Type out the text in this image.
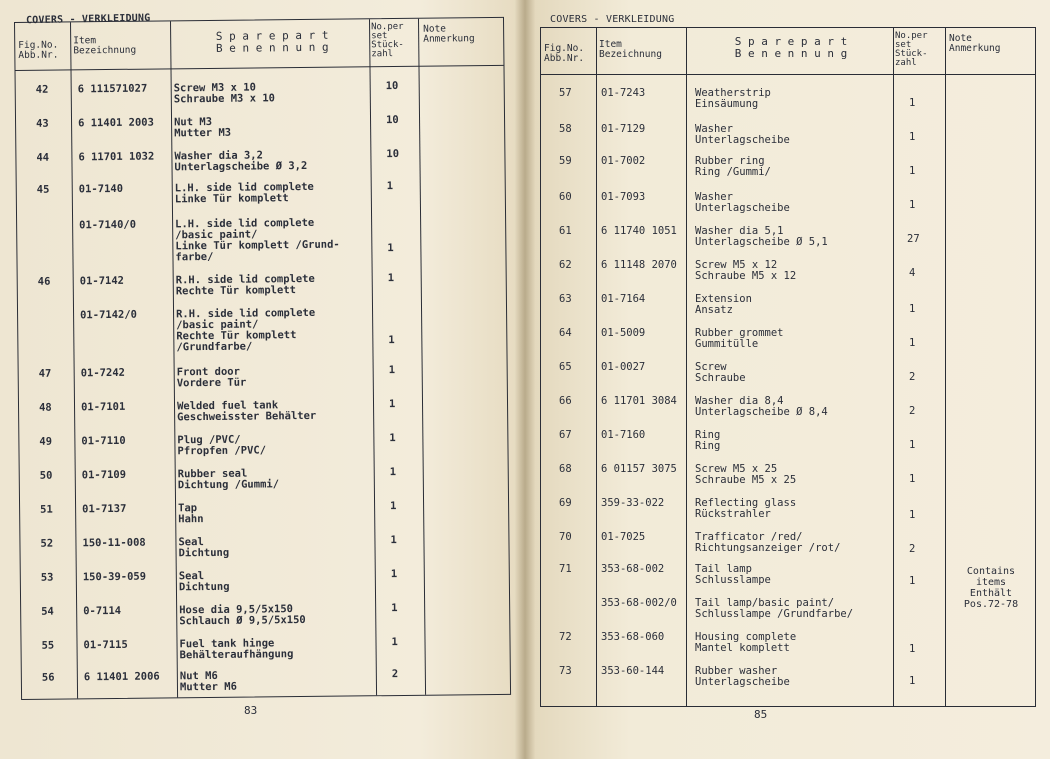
COVERS - VERKLEIDUNG
Fig.No.
Abb.Nr.
Item
Bezeichnung
S p a r e p a r t
B e n e n n u n g
No.per
set
Stück-
zahl
Note
Anmerkung
42	6 111571027	Screw M3 x 10
Schraube M3 x 10
10
43	6 11401 2003 Nut M3
Mutter M3
10
44	6 11701 1032 Washer dia 3,2
Unterlagscheibe Ø 3,2
10
45	01-7140	L.H. side lid complete
Linke Tür komplett
1
01-7140/0	L.H. side lid complete
/basic paint/
Linke Tür komplett /Grund-
farbe/
1
46	01-7142	R.H. side lid complete
Rechte Tür komplett
1
01-7142/0	R.H. side lid complete
/basic paint/
Rechte Tür komplett
/Grundfarbe/
1
47	01-7242	Front door
Vordere Tür
1
48	01-7101	Welded fuel tank
Geschweisster Behälter
1
49	01-7110	Plug /PVC/
Pfropfen /PVC/
1
50	01-7109	Rubber seal
Dichtung /Gummi/
1
51	01-7137	Tap
Hahn
1
52	150-11-008	Seal
Dichtung
1
53	150-39-059	Seal
Dichtung
1
54	0-7114	Hose dia 9,5/5x150
Schlauch Ø 9,5/5x150
1
55	01-7115	Fuel tank hinge
Behälteraufhängung
1
56	6 11401 2006 Nut M6
Mutter M6
2
83
COVERS - VERKLEIDUNG
Fig.No.
Abb.Nr.
Item
Bezeichnung
S p a r e p a r t
B e n e n n u n g
No.per
set
Stück-
zahl
Note
Anmerkung
57	01-7243	Weatherstrip
Einsäumung	1
58	01-7129	Washer
Unterlagscheibe	1
59	01-7002	Rubber ring
Ring /Gummi/	1
60	01-7093	Washer
Unterlagscheibe	1
61	6 11740 1051 Washer dia 5,1
Unterlagscheibe Ø 5,1	27
62	6 11148 2070 Screw M5 x 12
Schraube M5 x 12	4
63	01-7164	Extension
Ansatz	1
64	01-5009	Rubber grommet
Gummitülle	1
65	01-0027	Screw
Schraube	2
66	6 11701 3084 Washer dia 8,4
Unterlagscheibe Ø 8,4	2
67	01-7160	Ring
Ring	1
68	6 01157 3075 Screw M5 x 25
Schraube M5 x 25	1
69	359-33-022	Reflecting glass
Rückstrahler	1
70	01-7025	Trafficator /red/
Richtungsanzeiger /rot/	2
71	353-68-002	Tail lamp
Schlusslampe	1
Contains
items
Enthält
Pos.72-78
353-68-002/0 Tail lamp/basic paint/
Schlusslampe /Grundfarbe/
72	353-68-060	Housing complete
Mantel komplett	1
73	353-60-144	Rubber washer
Unterlagscheibe	1
85
